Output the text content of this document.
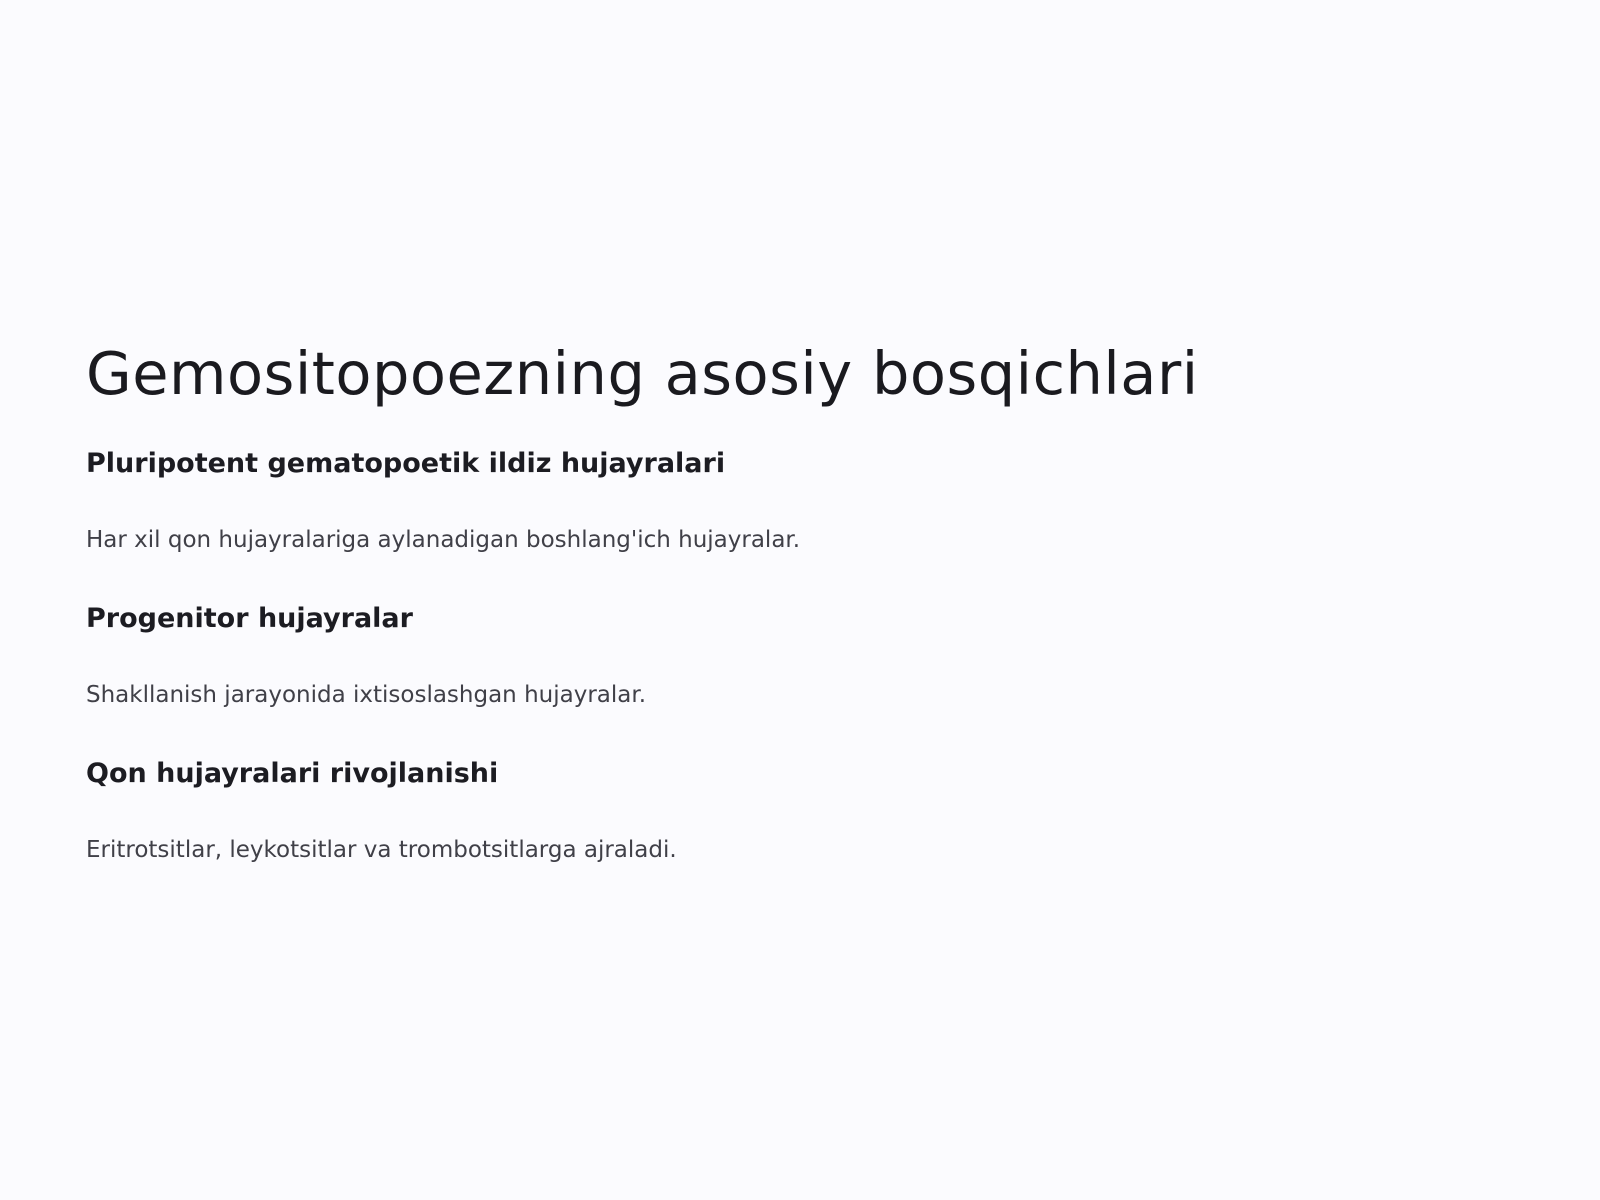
Gemositopoezning asosiy bosqichlari
Pluripotent gematopoetik ildiz hujayralari

Har xil qon hujayralariga aylanadigan boshlang'ich hujayralar.

Progenitor hujayralar

Shakllanish jarayonida ixtisoslashgan hujayralar.

Qon hujayralari rivojlanishi

Eritrotsitlar, leykotsitlar va trombotsitlarga ajraladi.
